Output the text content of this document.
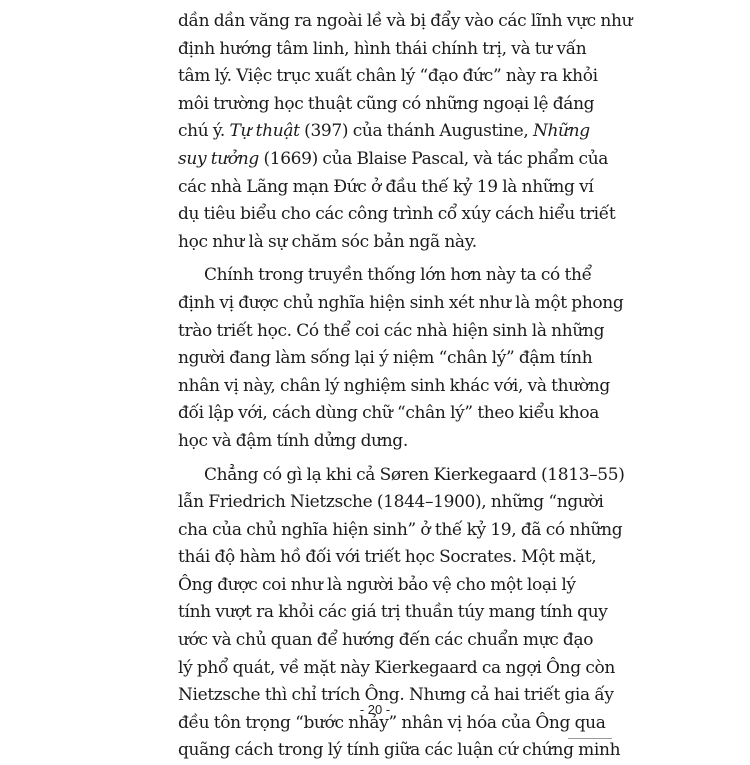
dần dần văng ra ngoài lề và bị đẩy vào các lĩnh vực như
định hướng tâm linh, hình thái chính trị, và tư vấn
tâm lý. Việc trục xuất chân lý “đạo đức” này ra khỏi
môi trường học thuật cũng có những ngoại lệ đáng
chú ý. Tự thuật (397) của thánh Augustine, Những
suy tưởng (1669) của Blaise Pascal, và tác phẩm của
các nhà Lãng mạn Đức ở đầu thế kỷ 19 là những ví
dụ tiêu biểu cho các công trình cổ xúy cách hiểu triết
học như là sự chăm sóc bản ngã này.

Chính trong truyền thống lớn hơn này ta có thể
định vị được chủ nghĩa hiện sinh xét như là một phong
trào triết học. Có thể coi các nhà hiện sinh là những
người đang làm sống lại ý niệm “chân lý” đậm tính
nhân vị này, chân lý nghiệm sinh khác với, và thường
đối lập với, cách dùng chữ “chân lý” theo kiểu khoa
học và đậm tính dửng dưng.

Chẳng có gì lạ khi cả Søren Kierkegaard (1813–55)
lẫn Friedrich Nietzsche (1844–1900), những “người
cha của chủ nghĩa hiện sinh” ở thế kỷ 19, đã có những
thái độ hàm hồ đối với triết học Socrates. Một mặt,
Ông được coi như là người bảo vệ cho một loại lý
tính vượt ra khỏi các giá trị thuần túy mang tính quy
ước và chủ quan để hướng đến các chuẩn mực đạo
lý phổ quát, về mặt này Kierkegaard ca ngợi Ông còn
Nietzsche thì chỉ trích Ông. Nhưng cả hai triết gia ấy
đều tôn trọng “bước nhảy” nhân vị hóa của Ông qua
quãng cách trong lý tính giữa các luận cứ chứng minh

- 20 -
